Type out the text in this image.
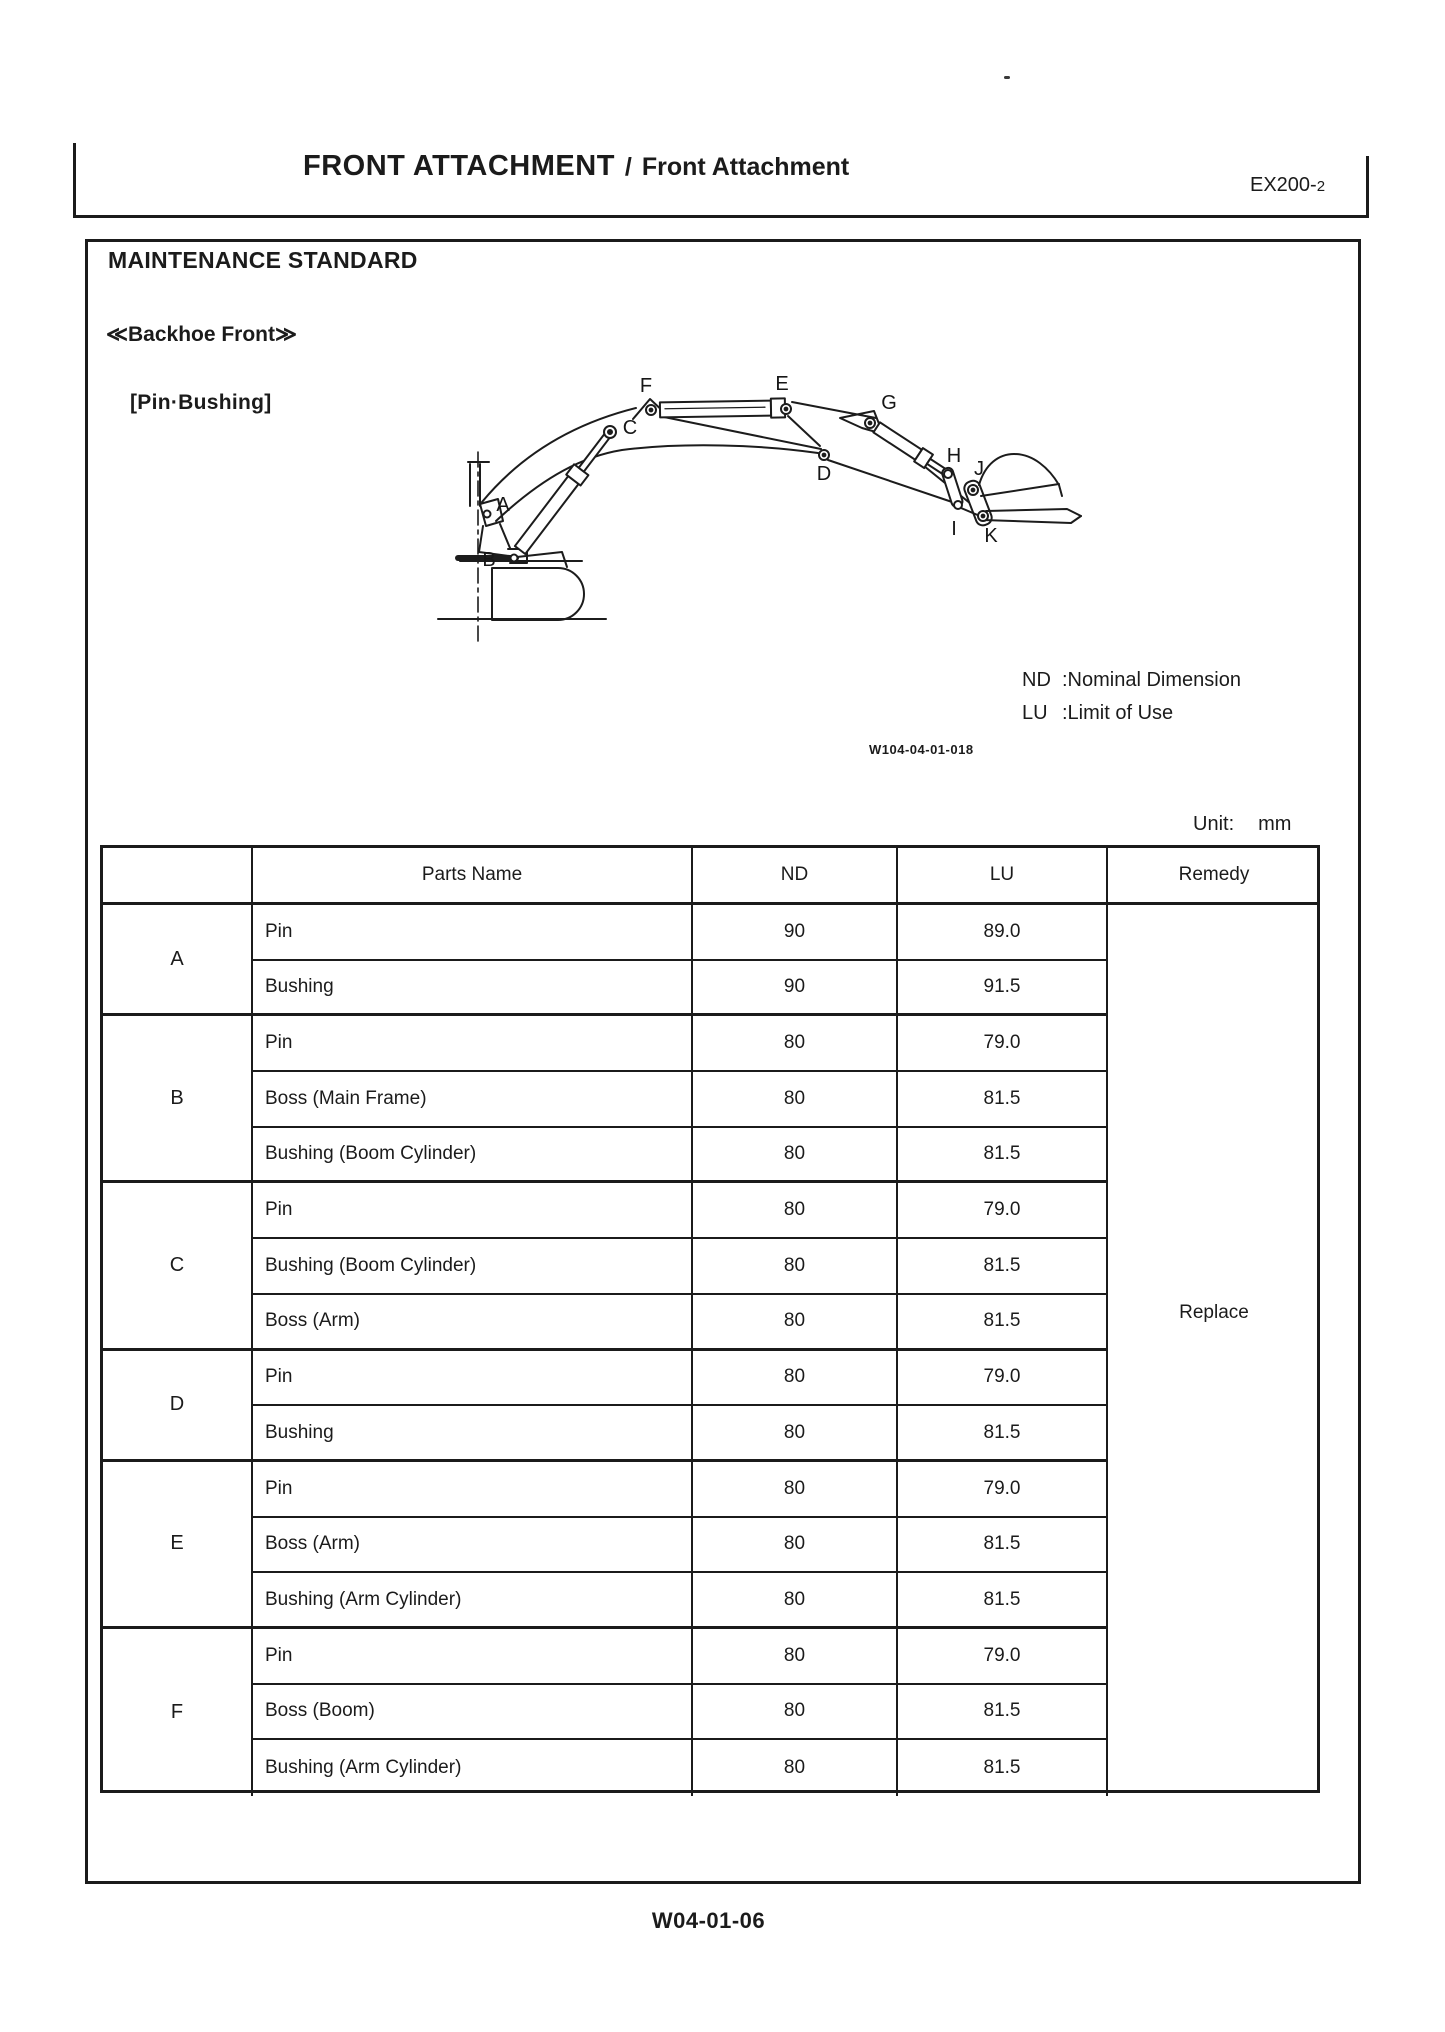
FRONT ATTACHMENT / Front Attachment
EX200-2
MAINTENANCE STANDARD
≪Backhoe Front≫
[Pin·Bushing]
A
B
C
D
E
F
G
H
I
J
K
ND :Nominal Dimension
LU :Limit of Use
W104-04-01-018
Unit: mm
Parts Name	ND	LU	Remedy
Replace
A
Pin	90	89.0
Bushing	90	91.5
B
Pin	80	79.0
Boss (Main Frame)	80	81.5
Bushing (Boom Cylinder)	80	81.5
C
Pin	80	79.0
Bushing (Boom Cylinder)	80	81.5
Boss (Arm)	80	81.5
D
Pin	80	79.0
Bushing	80	81.5
E
Pin	80	79.0
Boss (Arm)	80	81.5
Bushing (Arm Cylinder)	80	81.5
F
Pin	80	79.0
Boss (Boom)	80	81.5
Bushing (Arm Cylinder)	80	81.5
W04-01-06
